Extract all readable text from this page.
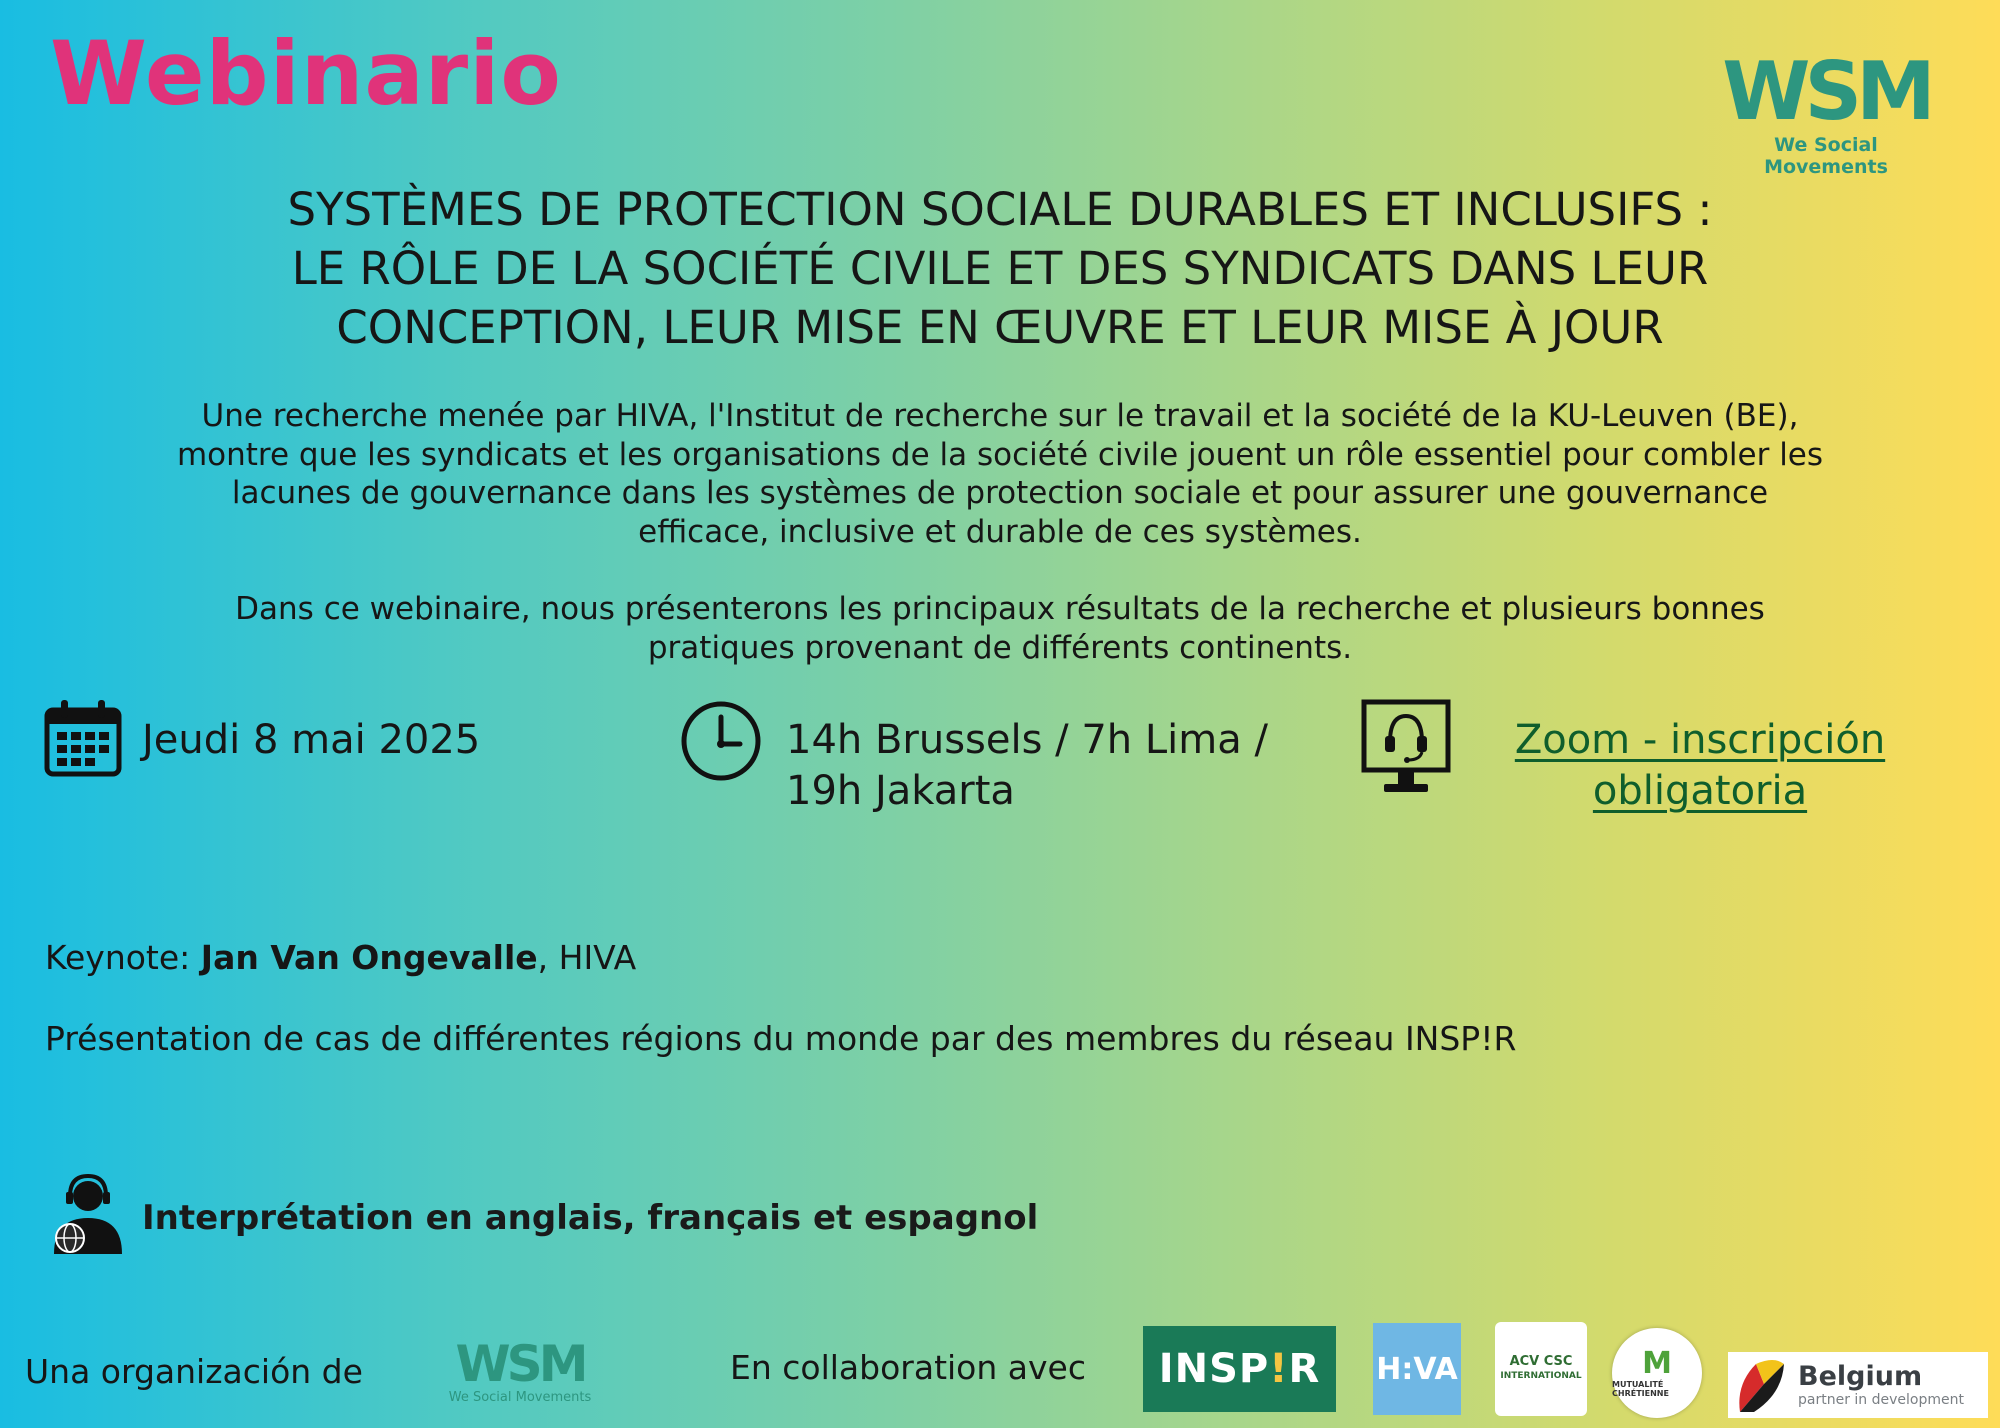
Webinario	WSM
We Social Movements
SYSTÈMES DE PROTECTION SOCIALE DURABLES ET INCLUSIFS :
LE RÔLE DE LA SOCIÉTÉ CIVILE ET DES SYNDICATS DANS LEUR
CONCEPTION, LEUR MISE EN ŒUVRE ET LEUR MISE À JOUR
Une recherche menée par HIVA, l'Institut de recherche sur le travail et la société de la KU-Leuven (BE),
montre que les syndicats et les organisations de la société civile jouent un rôle essentiel pour combler les
lacunes de gouvernance dans les systèmes de protection sociale et pour assurer une gouvernance
efficace, inclusive et durable de ces systèmes.
Dans ce webinaire, nous présenterons les principaux résultats de la recherche et plusieurs bonnes
pratiques provenant de différents continents.
Jeudi 8 mai 2025	14h Brussels / 7h Lima /
19h Jakarta
Zoom - inscripción
obligatoria
Keynote: Jan Van Ongevalle, HIVA
Présentation de cas de différentes régions du monde par des membres du réseau INSP!R
Interprétation en anglais, français et espagnol
Una organización de	WSM
We Social Movements
En collaboration avec INSP!R H:VA	ACV CSC
INTERNATIONAL M
MUTUALITÉ CHRÉTIENNE
Belgium
partner in development
